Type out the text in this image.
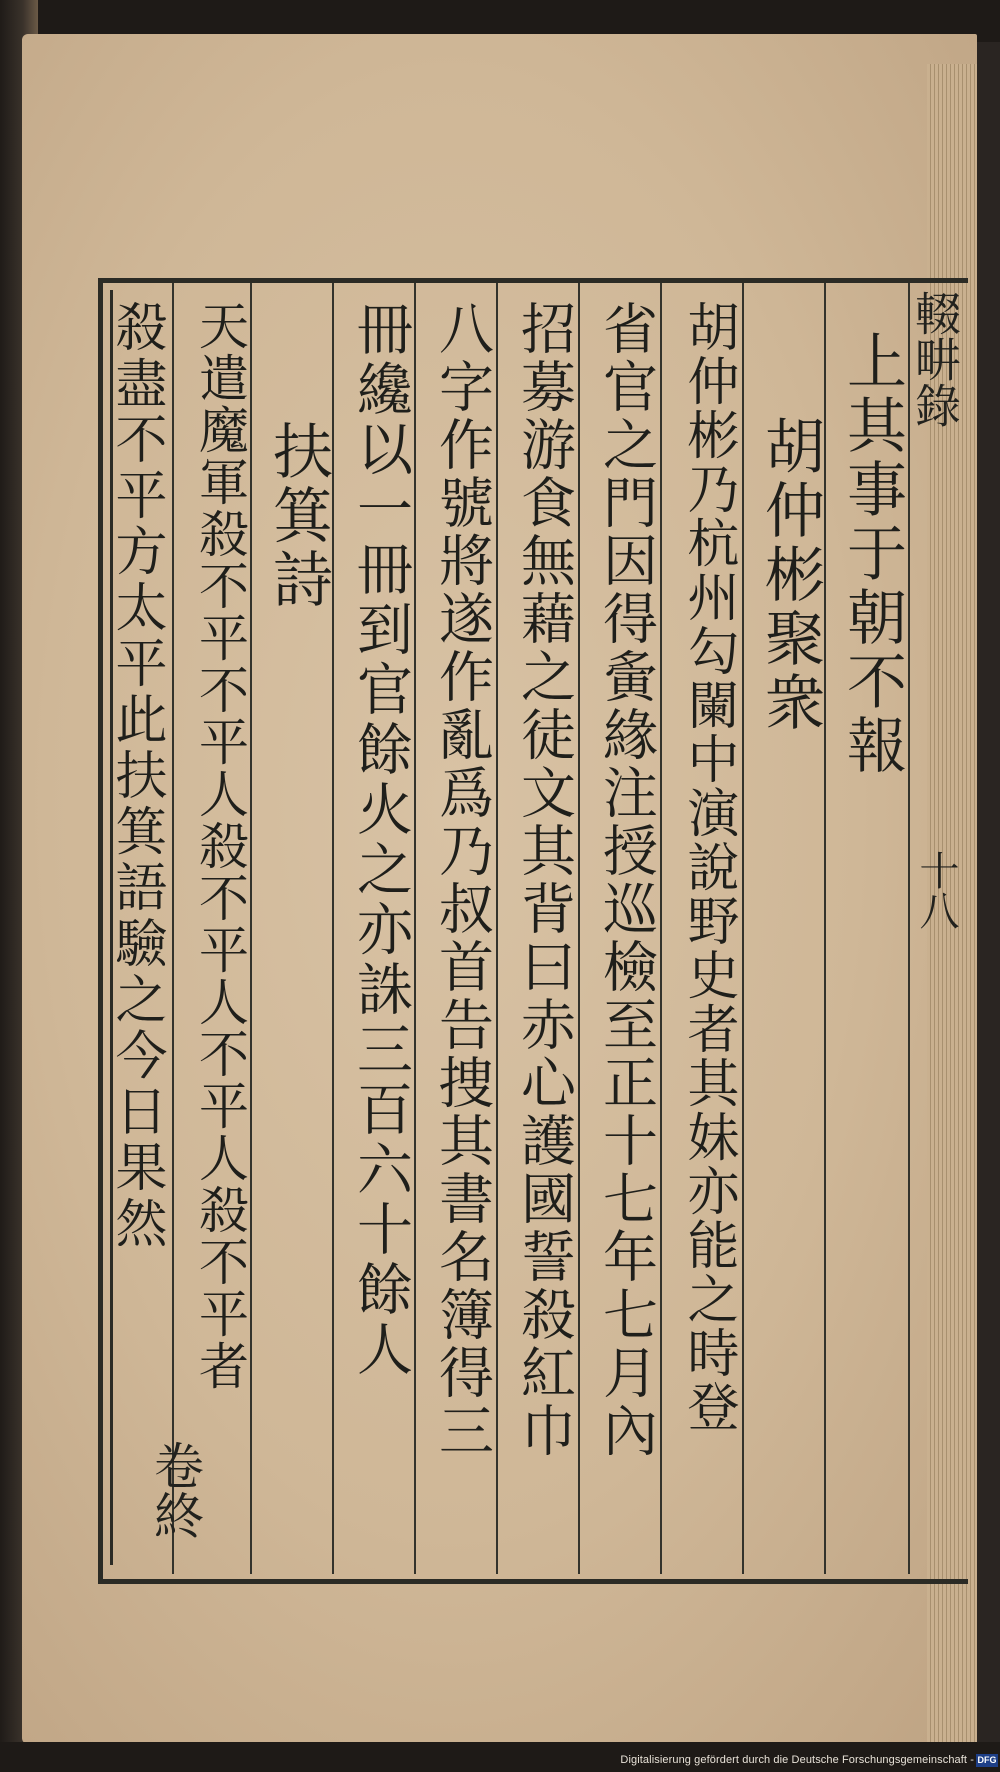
輟畊錄
十八
上其事于朝不報
胡仲彬聚衆
胡仲彬乃杭州勾闌中演說野史者其妹亦能之時登
省官之門因得夤緣注授巡檢至正十七年七月內
招募游食無藉之徒文其背曰赤心護國誓殺紅巾
八字作號將遂作亂爲乃叔首告捜其書名簿得三
冊纔以一冊到官餘火之亦誅三百六十餘人
扶箕詩
天遣魔軍殺不平不平人殺不平人不平人殺不平者
殺盡不平方太平此扶箕語驗之今日果然
卷終
Digitalisierung gefördert durch die Deutsche Forschungsgemeinschaft - DFG
